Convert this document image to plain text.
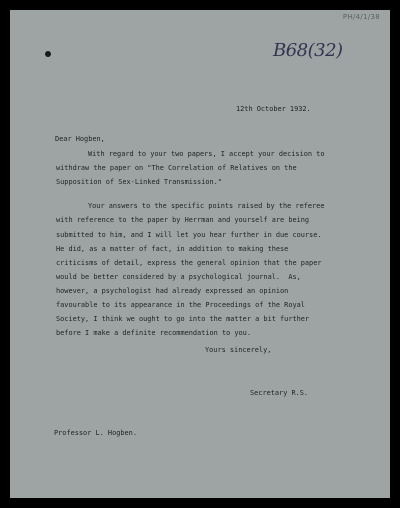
PH/4/1/38
B68(32)
12th October 1932.
Dear Hogben,
With regard to your two papers, I accept your decision to
withdraw the paper on "The Correlation of Relatives on the
Supposition of Sex-Linked Transmission."
Your answers to the specific points raised by the referee
with reference to the paper by Herrman and yourself are being
submitted to him, and I will let you hear further in due course.
He did, as a matter of fact, in addition to making these
criticisms of detail, express the general opinion that the paper
would be better considered by a psychological journal.  As,
however, a psychologist had already expressed an opinion
favourable to its appearance in the Proceedings of the Royal
Society, I think we ought to go into the matter a bit further
before I make a definite recommendation to you.
Yours sincerely,
Secretary R.S.
Professor L. Hogben.
